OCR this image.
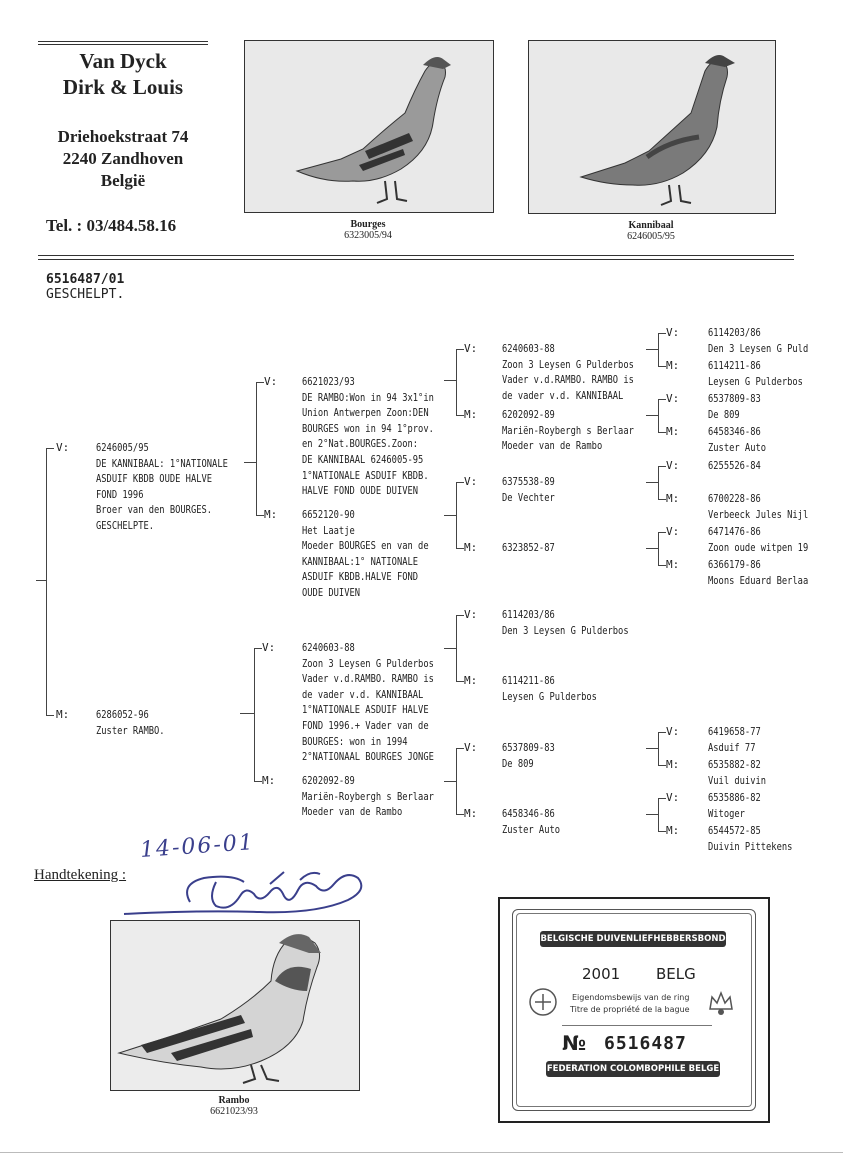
Van Dyck
Dirk & Louis
Driehoekstraat 74
2240 Zandhoven
België
Tel. : 03/484.58.16	Bourges
6323005/94
Kannibaal
6246005/95
6516487/01
GESCHELPT.
V:	6246005/95
DE KANNIBAAL: 1°NATIONALE
ASDUIF KBDB OUDE HALVE
FOND 1996
Broer van den BOURGES.
GESCHELPTE.
M:	6286052-96
Zuster RAMBO.
V: 6621023/93
DE RAMBO:Won in 94 3x1°in
Union Antwerpen Zoon:DEN
BOURGES won in 94 1°prov.
en 2°Nat.BOURGES.Zoon:
DE KANNIBAAL 6246005-95
1°NATIONALE ASDUIF KBDB.
HALVE FOND OUDE DUIVEN
M: 6652120-90
Het Laatje
Moeder BOURGES en van de
KANNIBAAL:1° NATIONALE
ASDUIF KBDB.HALVE FOND
OUDE DUIVEN
V:	6240603-88
Zoon 3 Leysen G Pulderbos
Vader v.d.RAMBO. RAMBO is
de vader v.d. KANNIBAAL
1°NATIONALE ASDUIF HALVE
FOND 1996.+ Vader van de
BOURGES: won in 1994
2°NATIONAAL BOURGES JONGE
M:	6202092-89
Mariën-Roybergh s Berlaar
Moeder van de Rambo
V: 6240603-88
Zoon 3 Leysen G Pulderbos
Vader v.d.RAMBO. RAMBO is
de vader v.d. KANNIBAAL
M: 6202092-89
Mariën-Roybergh s Berlaar
Moeder van de Rambo
V: 6375538-89
De Vechter
M: 6323852-87
V: 6114203/86
Den 3 Leysen G Pulderbos
M: 6114211-86
Leysen G Pulderbos
V: 6537809-83
De 809
M: 6458346-86
Zuster Auto
V:	6114203/86
Den 3 Leysen G Puld
M:	6114211-86
Leysen G Pulderbos
V:	6537809-83
De 809
M:	6458346-86
Zuster Auto
V:	6255526-84
M:	6700228-86
Verbeeck Jules Nijl
V:	6471476-86
Zoon oude witpen 19
M:	6366179-86
Moons Eduard Berlaa
V:	6419658-77
Asduif 77
M:	6535882-82
Vuil duivin
V:	6535886-82
Witoger
M:	6544572-85
Duivin Pittekens
Handtekening :
14-06-01
Rambo
6621023/93
BELGISCHE DUIVENLIEFHEBBERSBOND
2001 BELG
Eigendomsbewijs van de ring
Titre de propriété de la bague
№ 6516487
FEDERATION COLOMBOPHILE BELGE
